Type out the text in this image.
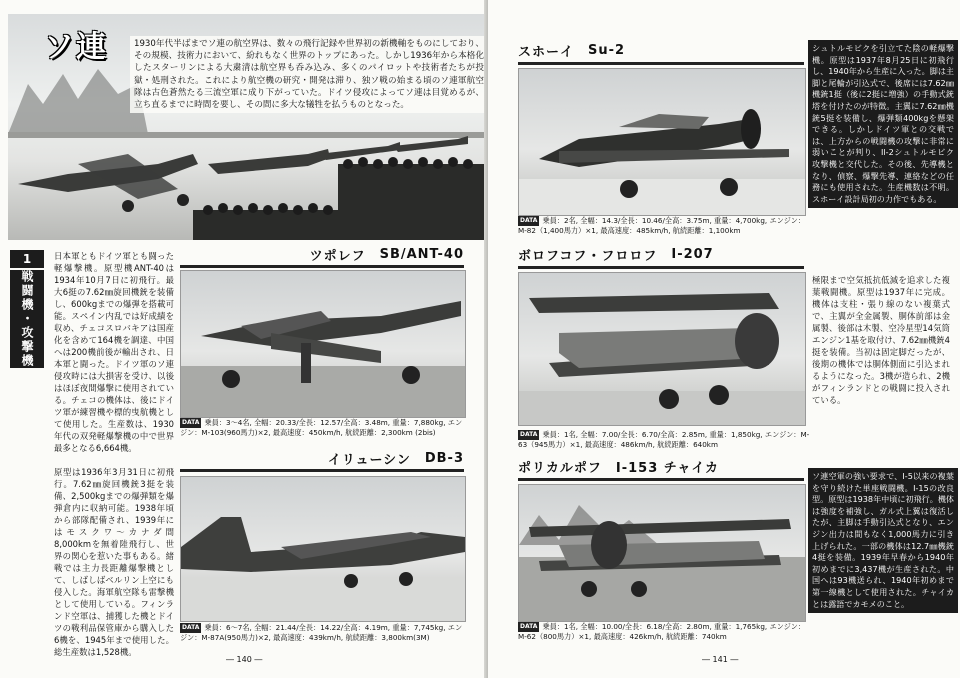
ソ連	1930年代半ばまでソ連の航空界は、数々の飛行記録や世界初の新機軸をものにしており、その規模、技術力において、紛れもなく世界のトップにあった。しかし1936年から本格化したスターリンによる大粛清は航空界も呑み込み、多くのパイロットや技術者たちが投獄・処刑された。これにより航空機の研究・開発は滞り、独ソ戦の始まる頃のソ連軍航空隊は古色蒼然たる三流空軍に成り下がっていた。ドイツ侵攻によってソ連は目覚めるが、立ち直るまでに時間を要し、その間に多大な犠牲を払うものとなった。
1
戦闘機・攻撃機
日本軍ともドイツ軍とも闘った軽爆撃機。原型機ANT-40は1934年10月7日に初飛行。最大6挺の7.62㎜旋回機銃を装備し、600kgまでの爆弾を搭載可能。スペイン内乱では好成績を収め、チェコスロバキアは国産化を含めて164機を調達、中国へは200機前後が輸出され、日本軍と闘った。ドイツ軍のソ連侵攻時には大損害を受け、以後はほぼ夜間爆撃に使用されている。チェコの機体は、後にドイツ軍が練習機や標的曳航機として使用した。生産数は、1930年代の双発軽爆撃機の中で世界最多となる6,664機。
ツポレフ SB/ANT-40
DATA 乗員：3～4名, 全幅：20.33/全長：12.57/全高：3.48m, 重量：7,880kg, エンジン：M-103(960馬力)×2, 最高速度：450km/h, 航続距離：2,300km (2bis)
原型は1936年3月31日に初飛行。7.62㎜旋回機銃3挺を装備、2,500kgまでの爆弾類を爆弾倉内に収納可能。1938年頃から部隊配備され、1939年にはモスクワ～カナダ間8,000kmを無着陸飛行し、世界の関心を惹いた事もある。緒戦では主力長距離爆撃機として、しばしばベルリン上空にも侵入した。海軍航空隊も雷撃機として使用している。フィンランド空軍は、捕獲した機とドイツの戦利品保管庫から購入した6機を、1945年まで使用した。総生産数は1,528機。
イリューシン DB-3
DATA 乗員：6～7名, 全幅：21.44/全長：14.22/全高：4.19m, 重量：7,745kg, エンジン：M-87A(950馬力)×2, 最高速度：439km/h, 航続距離：3,800km(3M)
― 140 ―
スホーイ Su-2	シュトルモビクを引立てた陰の軽爆撃機。原型は1937年8月25日に初飛行し、1940年から生産に入った。脚は主脚と尾輪が引込式で、後席には7.62㎜機銃1挺（後に2挺に増強）の手動式銃塔を付けたのが特徴。主翼に7.62㎜機銃5挺を装備し、爆弾類400kgを懸架できる。しかしドイツ軍との交戦では、上方からの戦闘機の攻撃に非常に弱いことが判り、Il-2シュトルモビク攻撃機と交代した。その後、先導機となり、偵察、爆撃先導、連絡などの任務にも使用された。生産機数は不明。スホーイ設計局初の力作でもある。
DATA 乗員：2名, 全幅：14.3/全長：10.46/全高：3.75m, 重量：4,700kg, エンジン：M-82（1,400馬力）×1, 最高速度：485km/h, 航続距離：1,100km
ボロフコフ・フロロフ I-207
極限まで空気抵抗低減を追求した複葉戦闘機。原型は1937年に完成。機体は支柱・張り線のない複葉式で、主翼が全金属製、胴体前部は金属製、後部は木製、空冷星型14気筒エンジン1基を取付け、7.62㎜機銃4挺を装備。当初は固定脚だったが、後期の機体では胴体側面に引込まれるようになった。3機が造られ、2機がフィンランドとの戦闘に投入されている。
DATA 乗員：1名, 全幅：7.00/全長：6.70/全高：2.85m, 重量：1,850kg, エンジン：M-63（945馬力）×1, 最高速度：486km/h, 航続距離：640km
ポリカルポフ I-153 チャイカ
ソ連空軍の強い要求で、I-5以来の複葉を守り続けた単座戦闘機。I-15の改良型。原型は1938年中頃に初飛行。機体は強度を補強し、ガル式上翼は復活したが、主脚は手動引込式となり、エンジン出力は間もなく1,000馬力に引き上げられた。一部の機体は12.7㎜機銃4挺を装備。1939年早春から1940年初めまでに3,437機が生産された。中国へは93機送られ、1940年初めまで第一線機として使用された。チャイカとは露語でカモメのこと。
DATA 乗員：1名, 全幅：10.00/全長：6.18/全高：2.80m, 重量：1,765kg, エンジン：M-62（800馬力）×1, 最高速度：426km/h, 航続距離：740km
― 141 ―
